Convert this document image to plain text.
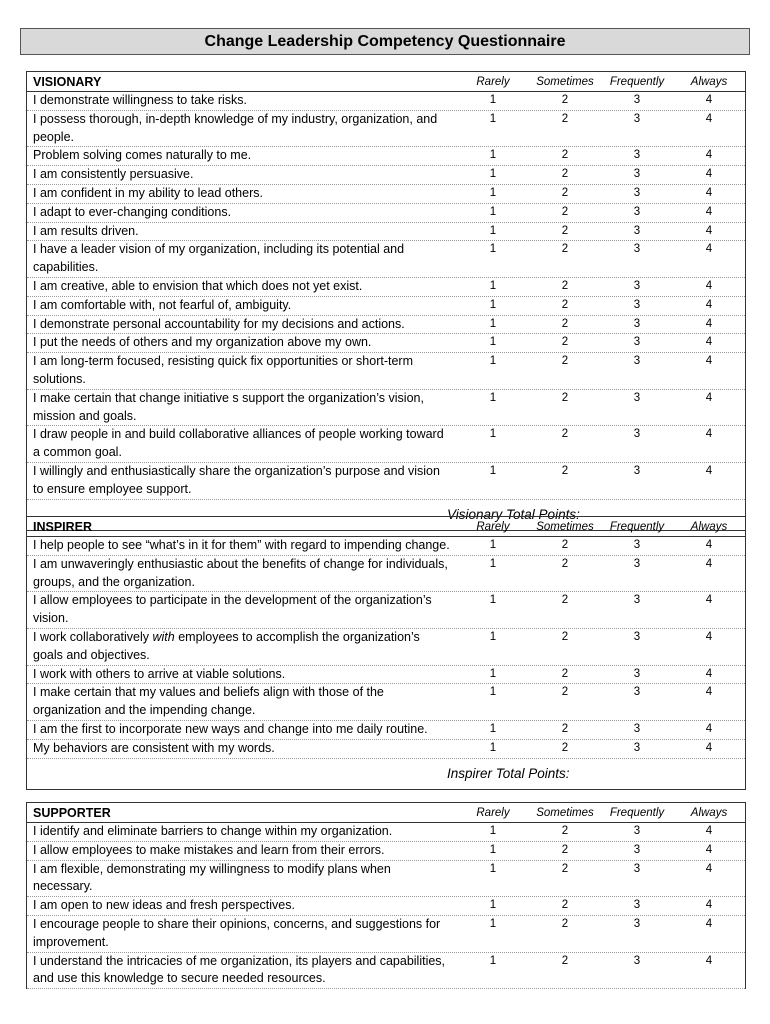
Change Leadership Competency Questionnaire
VISIONARY	Rarely	Sometimes	Frequently	Always
I demonstrate willingness to take risks.	1	2	3	4
I possess thorough, in-depth knowledge of my industry, organization, and people.
1	2	3	4
Problem solving comes naturally to me.	1	2	3	4
I am consistently persuasive.	1	2	3	4
I am confident in my ability to lead others.	1	2	3	4
I adapt to ever-changing conditions.	1	2	3	4
I am results driven.	1	2	3	4
I have a leader vision of my organization, including its potential and capabilities.
1	2	3	4
I am creative, able to envision that which does not yet exist.	1	2	3	4
I am comfortable with, not fearful of, ambiguity.	1	2	3	4
I demonstrate personal accountability for my decisions and actions.	1	2	3	4
I put the needs of others and my organization above my own.	1	2	3	4
I am long-term focused, resisting quick fix opportunities or short-term solutions.
1	2	3	4
I make certain that change initiative s support the organization’s vision, mission and goals.
1	2	3	4
I draw people in and build collaborative alliances of people working toward a common goal.
1	2	3	4
I willingly and enthusiastically share the organization’s purpose and vision to ensure employee support.
1	2	3	4
Visionary Total Points:
INSPIRER	Rarely	Sometimes	Frequently	Always
I help people to see “what’s in it for them” with regard to impending change.	1	2	3	4
I am unwaveringly enthusiastic about the benefits of change for individuals, groups, and the organization.
1	2	3	4
I allow employees to participate in the development of the organization’s vision.
1	2	3	4
I work collaboratively with employees to accomplish the organization’s goals and objectives.
1	2	3	4
I work with others to arrive at viable solutions.	1	2	3	4
I make certain that my values and beliefs align with those of the organization and the impending change.
1	2	3	4
I am the first to incorporate new ways and change into me daily routine.	1	2	3	4
My behaviors are consistent with my words.	1	2	3	4
Inspirer Total Points:
SUPPORTER	Rarely	Sometimes	Frequently	Always
I identify and eliminate barriers to change within my organization.	1	2	3	4
I allow employees to make mistakes and learn from their errors.	1	2	3	4
I am flexible, demonstrating my willingness to modify plans when necessary.
1	2	3	4
I am open to new ideas and fresh perspectives.	1	2	3	4
I encourage people to share their opinions, concerns, and suggestions for improvement.
1	2	3	4
I understand the intricacies of me organization, its players and capabilities, and use this knowledge to secure needed resources.
1	2	3	4
